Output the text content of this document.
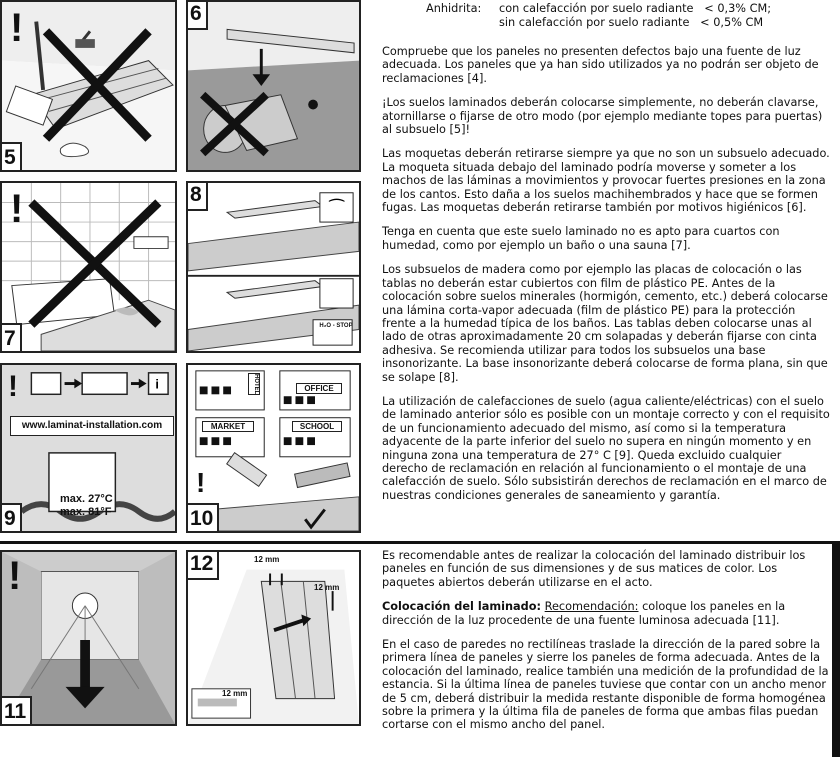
Anhidrita: con calefacción por suelo radiante   < 0,3% CM;
sin calefacción por suelo radiante   < 0,5% CM
!
5
6
!
7
⁀
8
H₂O - STOP
i
!
www.laminat-installation.com
max. 27°C
max. 81°F
9
HOTEL	OFFICE
MARKET	SCHOOL
!
10
!
11
12	12 mm
12 mm
12 mm

Compruebe que los paneles no presenten defectos bajo una fuente de luz adecuada. Los paneles que ya han sido utilizados ya no podrán ser objeto de reclamaciones [4].

¡Los suelos laminados deberán colocarse simplemente, no deberán clavarse, atornillarse o fijarse de otro modo (por ejemplo mediante topes para puertas) al subsuelo [5]!

Las moquetas deberán retirarse siempre ya que no son un subsuelo adecuado. La moqueta situada debajo del laminado podría moverse y someter a los machos de las láminas a movimientos y provocar fuertes presiones en la zona de los cantos. Esto daña a los suelos machihembrados y hace que se formen fugas. Las moquetas deberán retirarse también por motivos higiénicos [6].

Tenga en cuenta que este suelo laminado no es apto para cuartos con humedad, como por ejemplo un baño o una sauna [7].

Los subsuelos de madera como por ejemplo las placas de colocación o las tablas no deberán estar cubiertos con film de plástico PE. Antes de la colocación sobre suelos minerales (hormigón, cemento, etc.) deberá colocarse una lámina corta-vapor adecuada (film de plástico PE) para la protección frente a la humedad típica de los baños. Las tablas deben colocarse unas al lado de otras aproximadamente 20 cm solapadas y deberán fijarse con cinta adhesiva. Se recomienda utilizar para todos los subsuelos una base insonorizante. La base insonorizante deberá colocarse de forma plana, sin que se solape [8].

La utilización de calefacciones de suelo (agua caliente/eléctricas) con el suelo de laminado anterior sólo es posible con un montaje correcto y con el requisito de un funcionamiento adecuado del mismo, así como si la temperatura adyacente de la parte inferior del suelo no supera en ningún momento y en ninguna zona una temperatura de 27° C [9]. Queda excluido cualquier derecho de reclamación en relación al funcionamiento o el montaje de una calefacción de suelo. Sólo subsistirán derechos de reclamación en el marco de nuestras condiciones generales de saneamiento y garantía.

Es recomendable antes de realizar la colocación del laminado distribuir los paneles en función de sus dimensiones y de sus matices de color. Los paquetes abiertos deberán utilizarse en el acto.

Colocación del laminado: Recomendación: coloque los paneles en la dirección de la luz procedente de una fuente luminosa adecuada [11].

En el caso de paredes no rectilíneas traslade la dirección de la pared sobre la primera línea de paneles y sierre los paneles de forma adecuada. Antes de la colocación del laminado, realice también una medición de la profundidad de la estancia. Si la última línea de paneles tuviese que contar con un ancho menor de 5 cm, deberá distribuir la medida restante disponible de forma homogénea sobre la primera y la última fila de paneles de forma que ambas filas puedan cortarse con el mismo ancho del panel.
